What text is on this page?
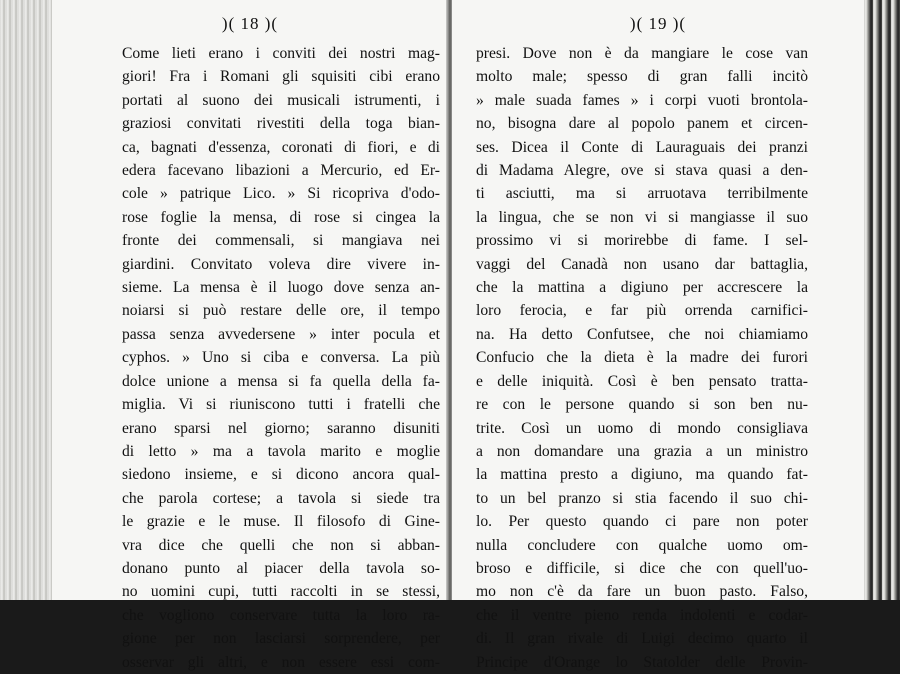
)( 18 )(
Come lieti erano i conviti dei nostri mag-
giori! Fra i Romani gli squisiti cibi erano
portati al suono dei musicali istrumenti, i
graziosi convitati rivestiti della toga bian-
ca, bagnati d'essenza, coronati di fiori, e di
edera facevano libazioni a Mercurio, ed Er-
cole » patrique Lico. » Si ricopriva d'odo-
rose foglie la mensa, di rose si cingea la
fronte dei commensali, si mangiava nei
giardini. Convitato voleva dire vivere in-
sieme. La mensa è il luogo dove senza an-
noiarsi si può restare delle ore, il tempo
passa senza avvedersene » inter pocula et
cyphos. » Uno si ciba e conversa. La più
dolce unione a mensa si fa quella della fa-
miglia. Vi si riuniscono tutti i fratelli che
erano sparsi nel giorno; saranno disuniti
di letto » ma a tavola marito e moglie
siedono insieme, e si dicono ancora qual-
che parola cortese; a tavola si siede tra
le grazie e le muse. Il filosofo di Gine-
vra dice che quelli che non si abban-
donano punto al piacer della tavola so-
no uomini cupi, tutti raccolti in se stessi,
che vogliono conservare tutta la loro ra-
gione per non lasciarsi sorprendere, per
osservar gli altri, e non essere essi com-
)( 19 )(
presi. Dove non è da mangiare le cose van
molto male; spesso di gran falli incitò
» male suada fames » i corpi vuoti brontola-
no, bisogna dare al popolo panem et circen-
ses. Dicea il Conte di Lauraguais dei pranzi
di Madama Alegre, ove si stava quasi a den-
ti asciutti, ma si arruotava terribilmente
la lingua, che se non vi si mangiasse il suo
prossimo vi si morirebbe di fame. I sel-
vaggi del Canadà non usano dar battaglia,
che la mattina a digiuno per accrescere la
loro ferocia, e far più orrenda carnifici-
na. Ha detto Confutsee, che noi chiamiamo
Confucio che la dieta è la madre dei furori
e delle iniquità. Così è ben pensato tratta-
re con le persone quando si son ben nu-
trite. Così un uomo di mondo consigliava
a non domandare una grazia a un ministro
la mattina presto a digiuno, ma quando fat-
to un bel pranzo si stia facendo il suo chi-
lo. Per questo quando ci pare non poter
nulla concludere con qualche uomo om-
broso e difficile, si dice che con quell'uo-
mo non c'è da fare un buon pasto. Falso,
che il ventre pieno renda indolenti e codar-
di. Il gran rivale di Luigi decimo quarto il
Principe d'Orange lo Statolder delle Provin-
